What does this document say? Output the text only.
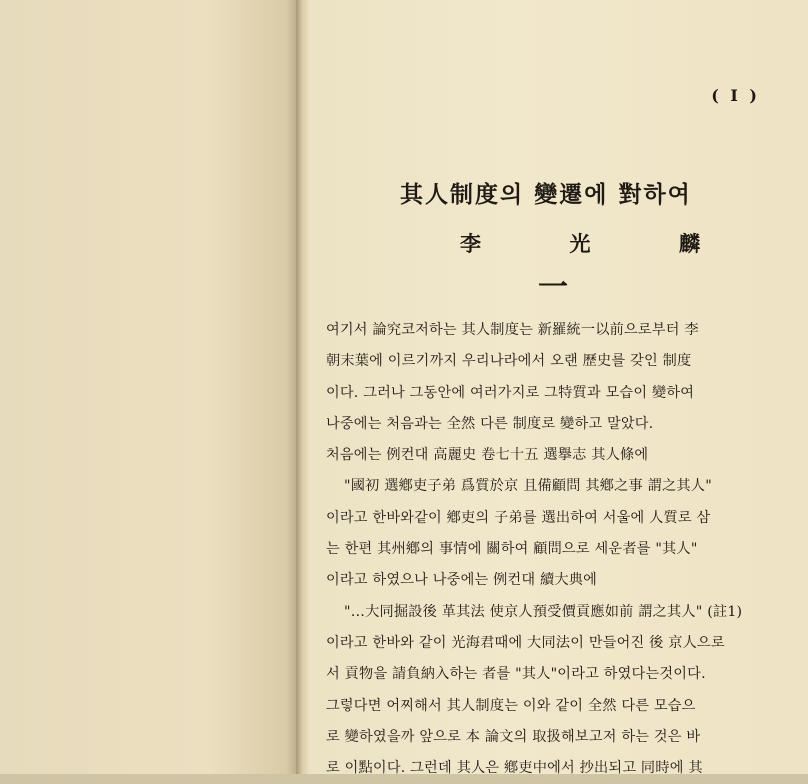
( I )
其人制度의 變遷에 對하여
李	光	麟
一
여기서 論究코저하는 其人制度는 新羅統一以前으로부터 李
朝末葉에 이르기까지 우리나라에서 오랜 歷史를 갖인 制度
이다. 그러나 그동안에 여러가지로 그特質과 모습이 變하여
나중에는 처음과는 全然 다른 制度로 變하고 말았다.
처음에는 例컨대 高麗史 卷七十五 選擧志 其人條에
"國初 選鄕吏子弟 爲質於京 且備顧問 其鄕之事 謂之其人"
이라고 한바와같이 鄕吏의 子弟를 選出하여 서울에 人質로 삼
는 한편 其州鄕의 事情에 關하여 顧問으로 세운者를 "其人"
이라고 하였으나 나중에는 例컨대 續大典에
"…大同掘設後 革其法 使京人預受價貢應如前 謂之其人" (註1)
이라고 한바와 같이 光海君때에 大同法이 만들어진 後 京人으로
서 貢物을 請負納入하는 者를 "其人"이라고 하였다는것이다.
그렇다면 어찌해서 其人制度는 이와 같이 全然 다른 모습으
로 變하였을까 앞으로 本 論文의 取扱해보고저 하는 것은 바
로 이點이다. 그런데 其人은 鄕吏中에서 抄出되고 同時에 其
